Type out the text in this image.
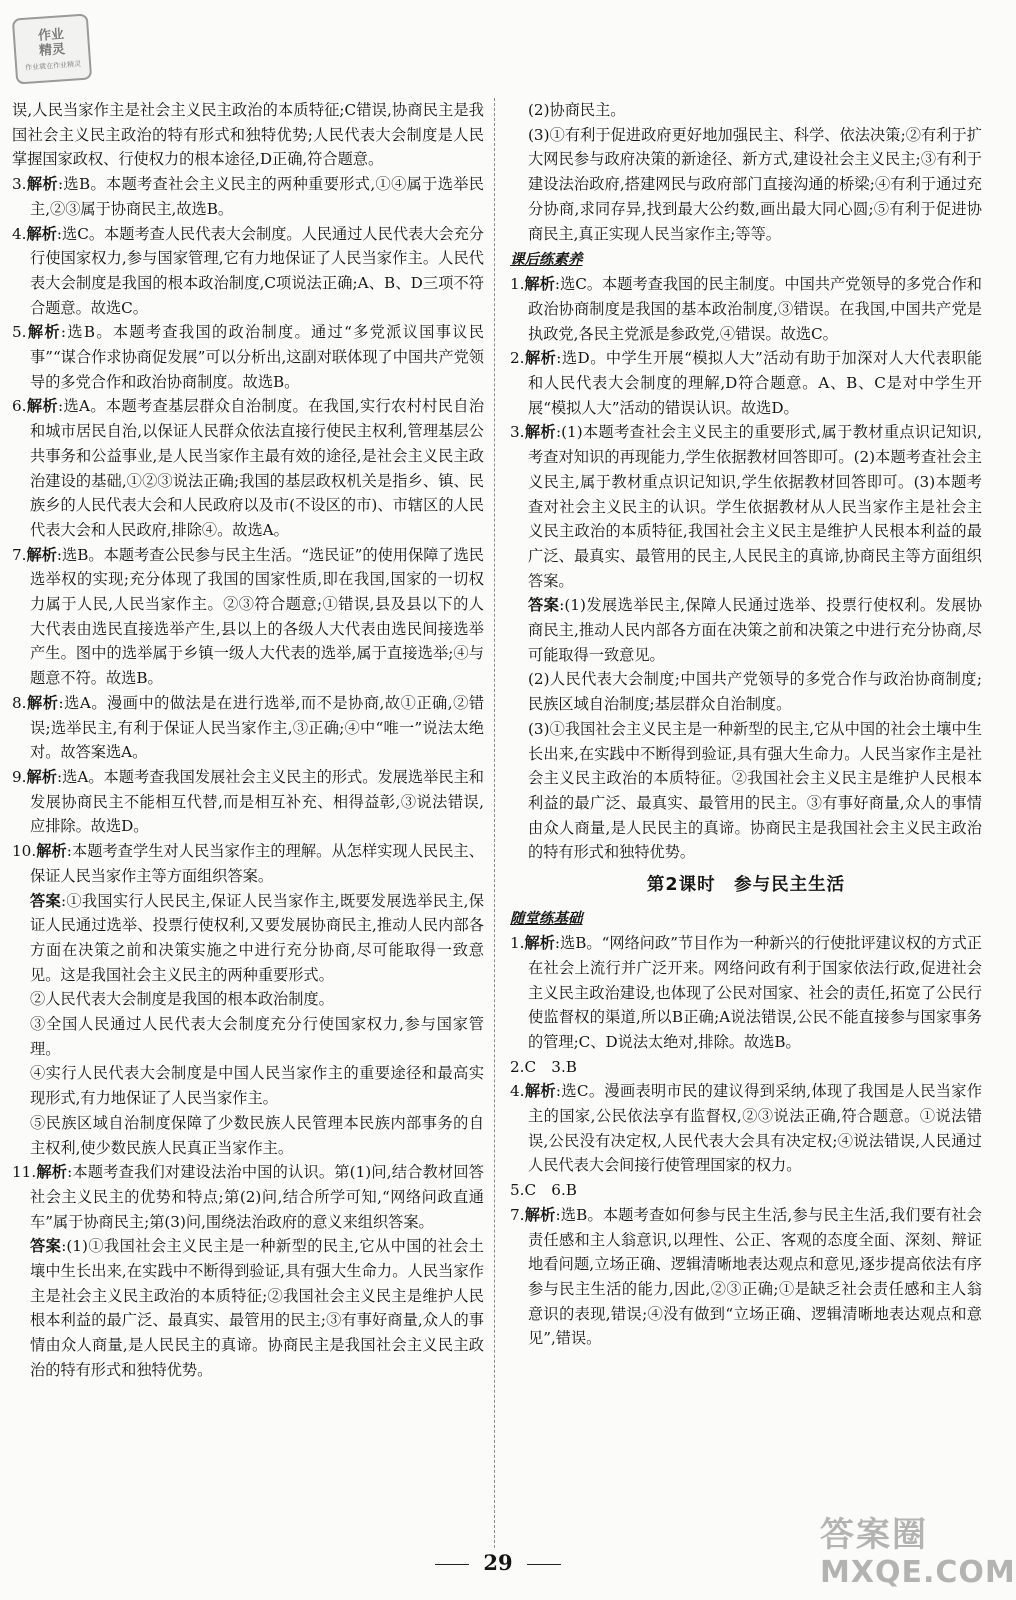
作业
精灵
作业就在作业精灵

误,人民当家作主是社会主义民主政治的本质特征;C错误,协商民主是我国社会主义民主政治的特有形式和独特优势;人民代表大会制度是人民掌握国家政权、行使权力的根本途径,D正确,符合题意。

3.解析:选B。本题考查社会主义民主的两种重要形式,①④属于选举民主,②③属于协商民主,故选B。

4.解析:选C。本题考查人民代表大会制度。人民通过人民代表大会充分行使国家权力,参与国家管理,它有力地保证了人民当家作主。人民代表大会制度是我国的根本政治制度,C项说法正确;A、B、D三项不符合题意。故选C。

5.解析:选B。本题考查我国的政治制度。通过“多党派议国事议民事”“谋合作求协商促发展”可以分析出,这副对联体现了中国共产党领导的多党合作和政治协商制度。故选B。

6.解析:选A。本题考查基层群众自治制度。在我国,实行农村村民自治和城市居民自治,以保证人民群众依法直接行使民主权利,管理基层公共事务和公益事业,是人民当家作主最有效的途径,是社会主义民主政治建设的基础,①②③说法正确;我国的基层政权机关是指乡、镇、民族乡的人民代表大会和人民政府以及市(不设区的市)、市辖区的人民代表大会和人民政府,排除④。故选A。

7.解析:选B。本题考查公民参与民主生活。“选民证”的使用保障了选民选举权的实现;充分体现了我国的国家性质,即在我国,国家的一切权力属于人民,人民当家作主。②③符合题意;①错误,县及县以下的人大代表由选民直接选举产生,县以上的各级人大代表由选民间接选举产生。图中的选举属于乡镇一级人大代表的选举,属于直接选举;④与题意不符。故选B。

8.解析:选A。漫画中的做法是在进行选举,而不是协商,故①正确,②错误;选举民主,有利于保证人民当家作主,③正确;④中“唯一”说法太绝对。故答案选A。

9.解析:选A。本题考查我国发展社会主义民主的形式。发展选举民主和发展协商民主不能相互代替,而是相互补充、相得益彰,③说法错误,应排除。故选D。

10.解析:本题考查学生对人民当家作主的理解。从怎样实现人民民主、保证人民当家作主等方面组织答案。

答案:①我国实行人民民主,保证人民当家作主,既要发展选举民主,保证人民通过选举、投票行使权利,又要发展协商民主,推动人民内部各方面在决策之前和决策实施之中进行充分协商,尽可能取得一致意见。这是我国社会主义民主的两种重要形式。

②人民代表大会制度是我国的根本政治制度。

③全国人民通过人民代表大会制度充分行使国家权力,参与国家管理。

④实行人民代表大会制度是中国人民当家作主的重要途径和最高实现形式,有力地保证了人民当家作主。

⑤民族区域自治制度保障了少数民族人民管理本民族内部事务的自主权利,使少数民族人民真正当家作主。

11.解析:本题考查我们对建设法治中国的认识。第(1)问,结合教材回答社会主义民主的优势和特点;第(2)问,结合所学可知,“网络问政直通车”属于协商民主;第(3)问,围绕法治政府的意义来组织答案。

答案:(1)①我国社会主义民主是一种新型的民主,它从中国的社会土壤中生长出来,在实践中不断得到验证,具有强大生命力。人民当家作主是社会主义民主政治的本质特征;②我国社会主义民主是维护人民根本利益的最广泛、最真实、最管用的民主;③有事好商量,众人的事情由众人商量,是人民民主的真谛。协商民主是我国社会主义民主政治的特有形式和独特优势。

(2)协商民主。

(3)①有利于促进政府更好地加强民主、科学、依法决策;②有利于扩大网民参与政府决策的新途径、新方式,建设社会主义民主;③有利于建设法治政府,搭建网民与政府部门直接沟通的桥梁;④有利于通过充分协商,求同存异,找到最大公约数,画出最大同心圆;⑤有利于促进协商民主,真正实现人民当家作主;等等。

课后练素养

1.解析:选C。本题考查我国的民主制度。中国共产党领导的多党合作和政治协商制度是我国的基本政治制度,③错误。在我国,中国共产党是执政党,各民主党派是参政党,④错误。故选C。

2.解析:选D。中学生开展“模拟人大”活动有助于加深对人大代表职能和人民代表大会制度的理解,D符合题意。A、B、C是对中学生开展“模拟人大”活动的错误认识。故选D。

3.解析:(1)本题考查社会主义民主的重要形式,属于教材重点识记知识,考查对知识的再现能力,学生依据教材回答即可。(2)本题考查社会主义民主,属于教材重点识记知识,学生依据教材回答即可。(3)本题考查对社会主义民主的认识。学生依据教材从人民当家作主是社会主义民主政治的本质特征,我国社会主义民主是维护人民根本利益的最广泛、最真实、最管用的民主,人民民主的真谛,协商民主等方面组织答案。

答案:(1)发展选举民主,保障人民通过选举、投票行使权利。发展协商民主,推动人民内部各方面在决策之前和决策之中进行充分协商,尽可能取得一致意见。

(2)人民代表大会制度;中国共产党领导的多党合作与政治协商制度;民族区域自治制度;基层群众自治制度。

(3)①我国社会主义民主是一种新型的民主,它从中国的社会土壤中生长出来,在实践中不断得到验证,具有强大生命力。人民当家作主是社会主义民主政治的本质特征。②我国社会主义民主是维护人民根本利益的最广泛、最真实、最管用的民主。③有事好商量,众人的事情由众人商量,是人民民主的真谛。协商民主是我国社会主义民主政治的特有形式和独特优势。

第2课时　参与民主生活

随堂练基础

1.解析:选B。“网络问政”节目作为一种新兴的行使批评建议权的方式正在社会上流行并广泛开来。网络问政有利于国家依法行政,促进社会主义民主政治建设,也体现了公民对国家、社会的责任,拓宽了公民行使监督权的渠道,所以B正确;A说法错误,公民不能直接参与国家事务的管理;C、D说法太绝对,排除。故选B。

2.C　3.B

4.解析:选C。漫画表明市民的建议得到采纳,体现了我国是人民当家作主的国家,公民依法享有监督权,②③说法正确,符合题意。①说法错误,公民没有决定权,人民代表大会具有决定权;④说法错误,人民通过人民代表大会间接行使管理国家的权力。

5.C　6.B

7.解析:选B。本题考查如何参与民主生活,参与民主生活,我们要有社会责任感和主人翁意识,以理性、公正、客观的态度全面、深刻、辩证地看问题,立场正确、逻辑清晰地表达观点和意见,逐步提高依法有序参与民主生活的能力,因此,②③正确;①是缺乏社会责任感和主人翁意识的表现,错误;④没有做到“立场正确、逻辑清晰地表达观点和意见”,错误。

29
答案圈
MXQE.COM
